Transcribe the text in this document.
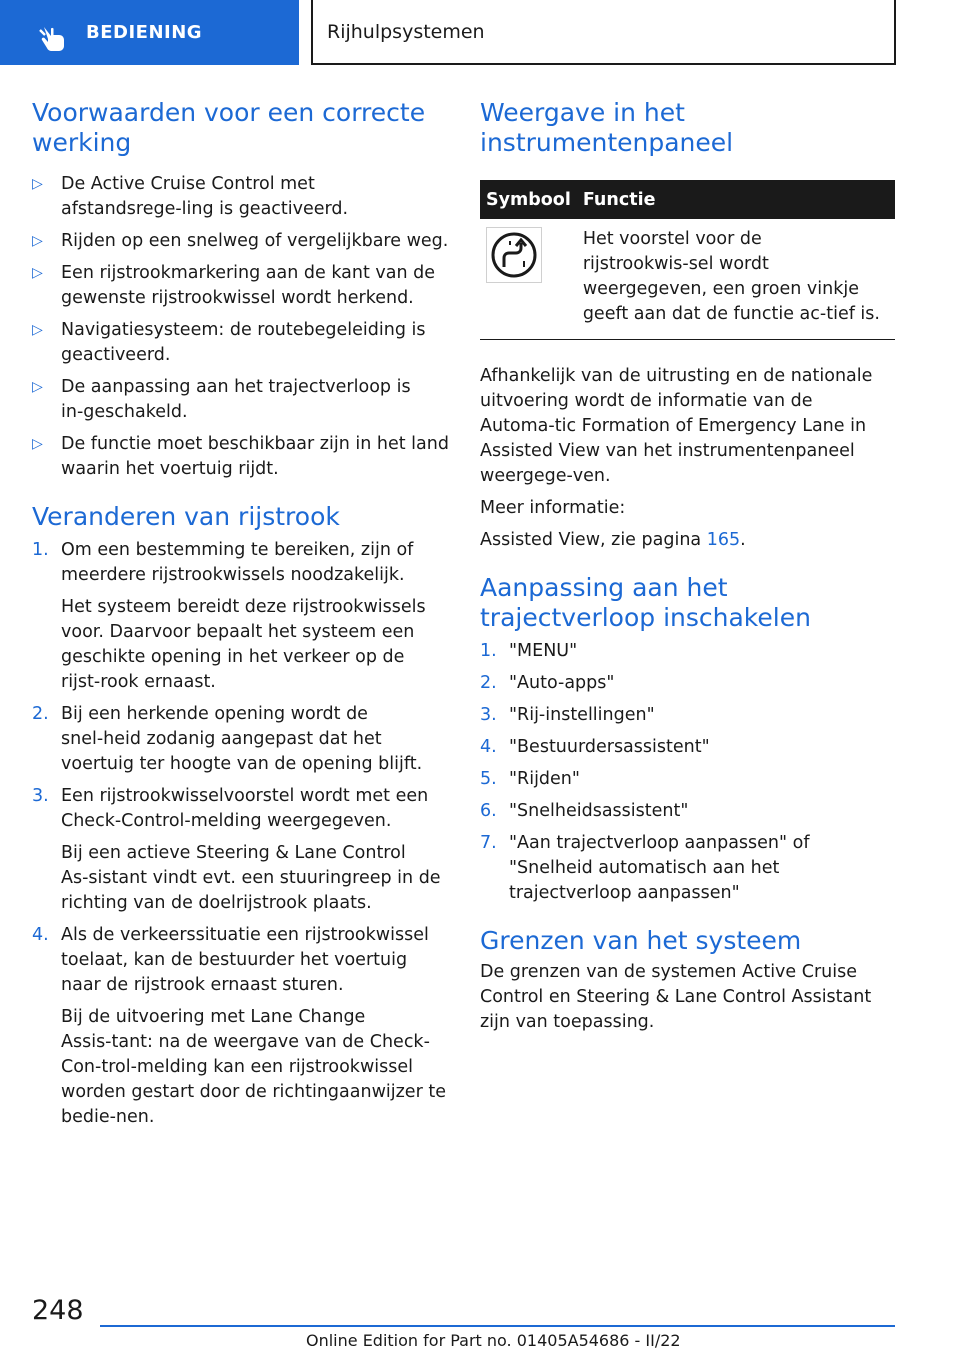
BEDIENING	Rijhulpsystemen
Voorwaarden voor een correcte werking
▷ De Active Cruise Control met afstandsrege‑ling is geactiveerd.
▷ Rijden op een snelweg of vergelijkbare weg.
▷ Een rijstrookmarkering aan de kant van de gewenste rijstrookwissel wordt herkend.
▷ Navigatiesysteem: de routebegeleiding is geactiveerd.
▷ De aanpassing aan het trajectverloop is in‑geschakeld.
▷ De functie moet beschikbaar zijn in het land waarin het voertuig rijdt.
Veranderen van rijstrook
1. Om een bestemming te bereiken, zijn of meerdere rijstrookwissels noodzakelijk.
Het systeem bereidt deze rijstrookwissels voor. Daarvoor bepaalt het systeem een geschikte opening in het verkeer op de rijst‑rook ernaast.
2. Bij een herkende opening wordt de snel‑heid zodanig aangepast dat het voertuig ter hoogte van de opening blijft.
3. Een rijstrookwisselvoorstel wordt met een Check-Control-melding weergegeven.
Bij een actieve Steering & Lane Control As‑sistant vindt evt. een stuuringreep in de richting van de doelrijstrook plaats.
4. Als de verkeerssituatie een rijstrookwissel toelaat, kan de bestuurder het voertuig naar de rijstrook ernaast sturen.
Bij de uitvoering met Lane Change Assis‑tant: na de weergave van de Check-Con‑trol-melding kan een rijstrookwissel worden gestart door de richtingaanwijzer te bedie‑nen.
Weergave in het instrumentenpaneel
Symbool	Functie

	Het voorstel voor de rijstrookwis‑sel wordt weergegeven, een groen vinkje geeft aan dat de functie ac‑tief is.

Afhankelijk van de uitrusting en de nationale uitvoering wordt de informatie van de Automa‑tic Formation of Emergency Lane in Assisted View van het instrumentenpaneel weergege‑ven.

Meer informatie:

Assisted View, zie pagina 165.

Aanpassing aan het trajectverloop inschakelen
1. "MENU"
2. "Auto-apps"
3. "Rij-instellingen"
4. "Bestuurdersassistent"
5. "Rijden"
6. "Snelheidsassistent"
7. "Aan trajectverloop aanpassen" of "Snelheid automatisch aan het trajectverloop aanpassen"
Grenzen van het systeem

De grenzen van de systemen Active Cruise Control en Steering & Lane Control Assistant zijn van toepassing.

248
Online Edition for Part no. 01405A54686 - II/22
